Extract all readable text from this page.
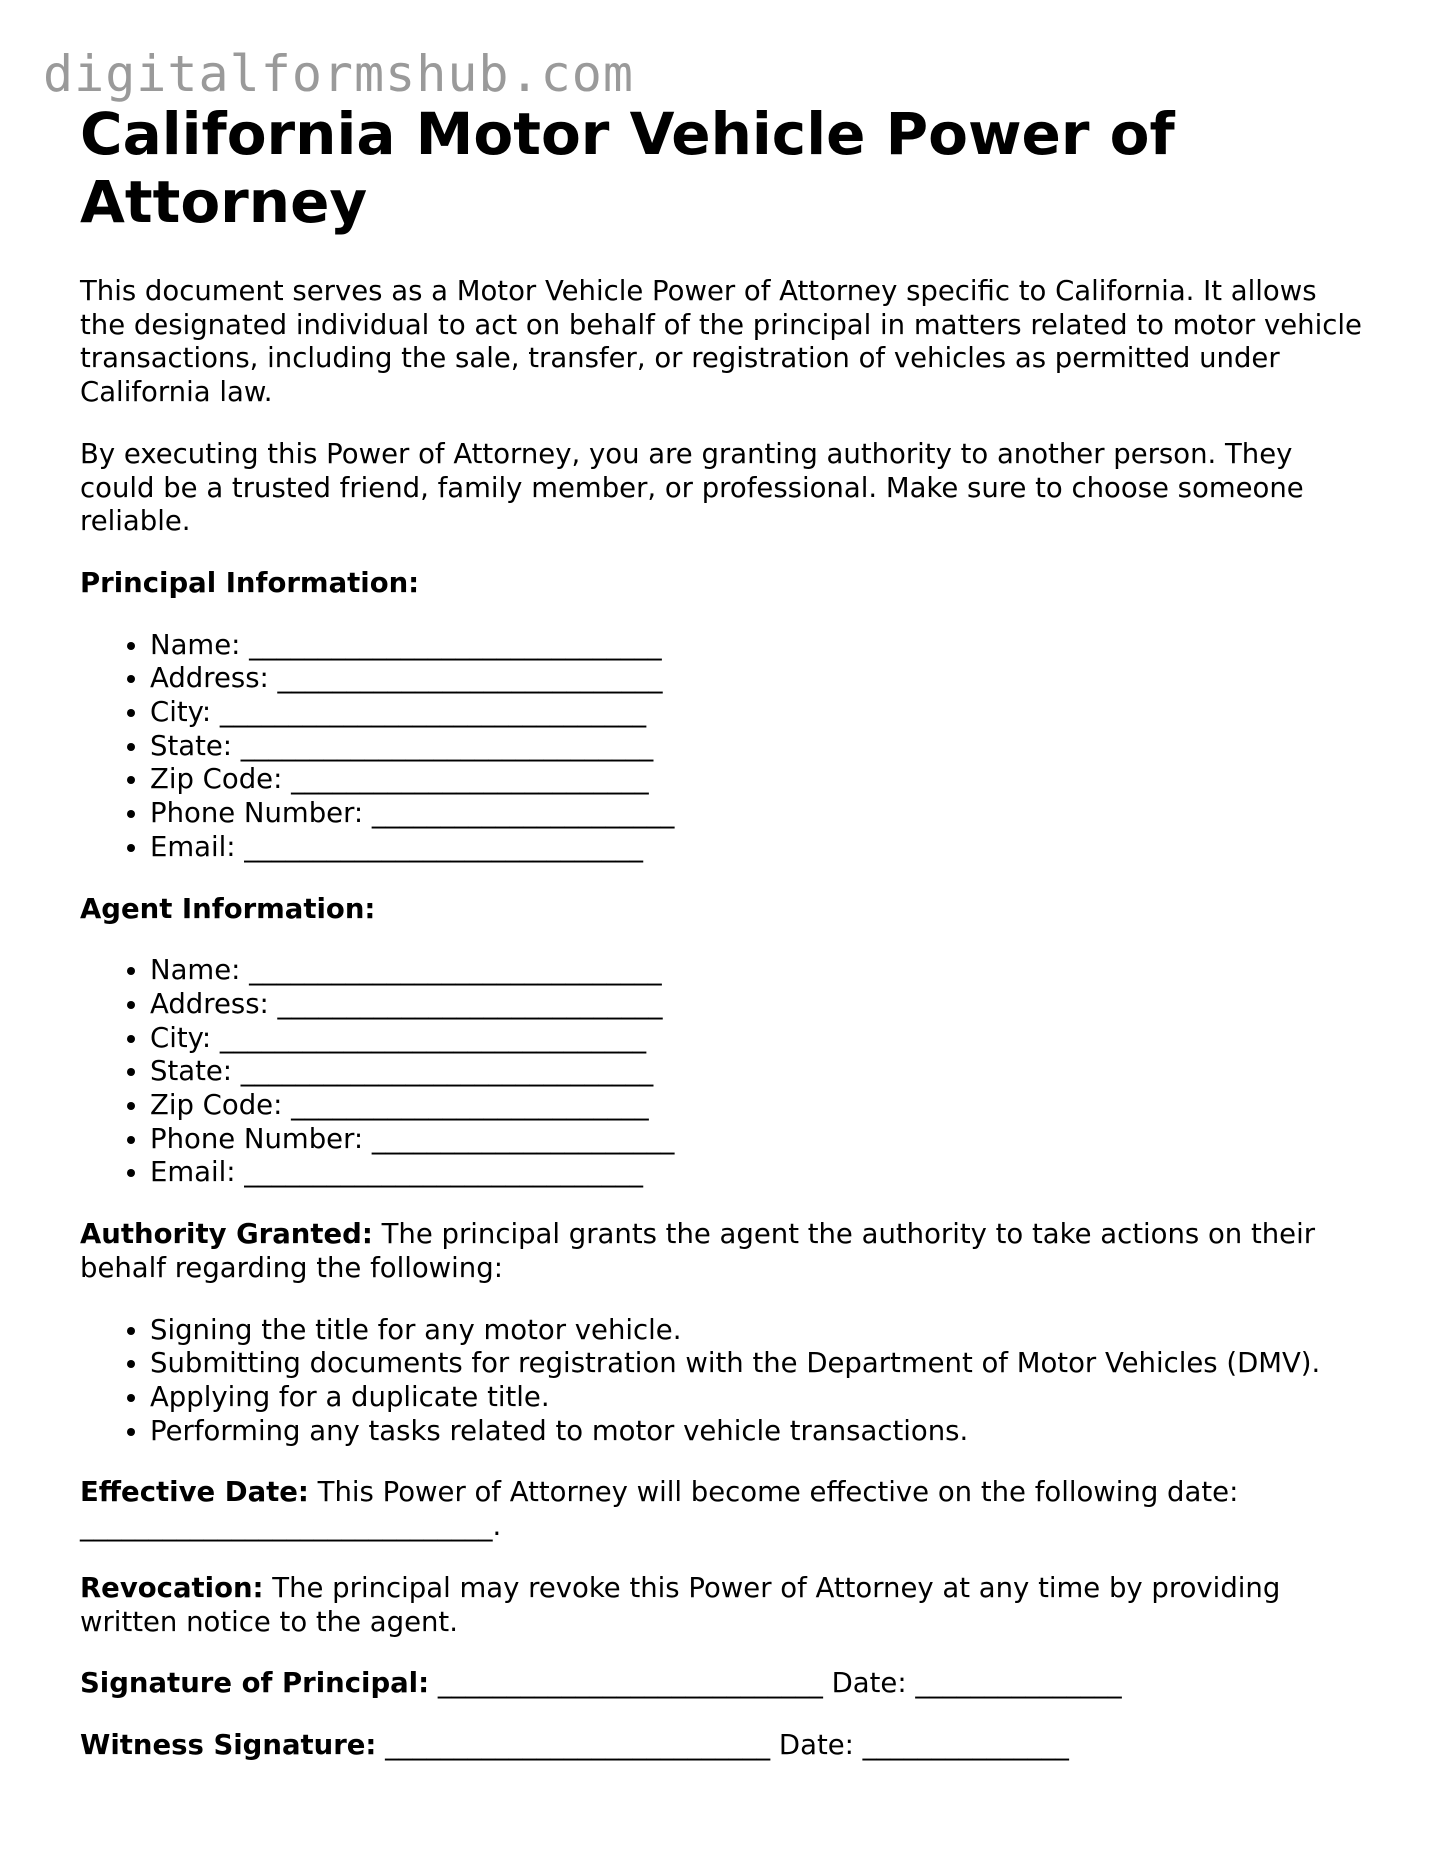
digitalformshub.com
California Motor Vehicle Power of Attorney

This document serves as a Motor Vehicle Power of Attorney specific to California. It allows the designated individual to act on behalf of the principal in matters related to motor vehicle transactions, including the sale, transfer, or registration of vehicles as permitted under California law.

By executing this Power of Attorney, you are granting authority to another person. They could be a trusted friend, family member, or professional. Make sure to choose someone reliable.

Principal Information:

• Name: ______________________________
• Address: ____________________________
• City: _______________________________
• State: ______________________________
• Zip Code: __________________________
• Phone Number: ______________________
• Email: _____________________________

Agent Information:

• Name: ______________________________
• Address: ____________________________
• City: _______________________________
• State: ______________________________
• Zip Code: __________________________
• Phone Number: ______________________
• Email: _____________________________

Authority Granted: The principal grants the agent the authority to take actions on their behalf regarding the following:

• Signing the title for any motor vehicle.
• Submitting documents for registration with the Department of Motor Vehicles (DMV).
• Applying for a duplicate title.
• Performing any tasks related to motor vehicle transactions.

Effective Date: This Power of Attorney will become effective on the following date: ______________________________.

Revocation: The principal may revoke this Power of Attorney at any time by providing written notice to the agent.

Signature of Principal: ____________________________ Date: _______________

Witness Signature: ____________________________ Date: _______________
